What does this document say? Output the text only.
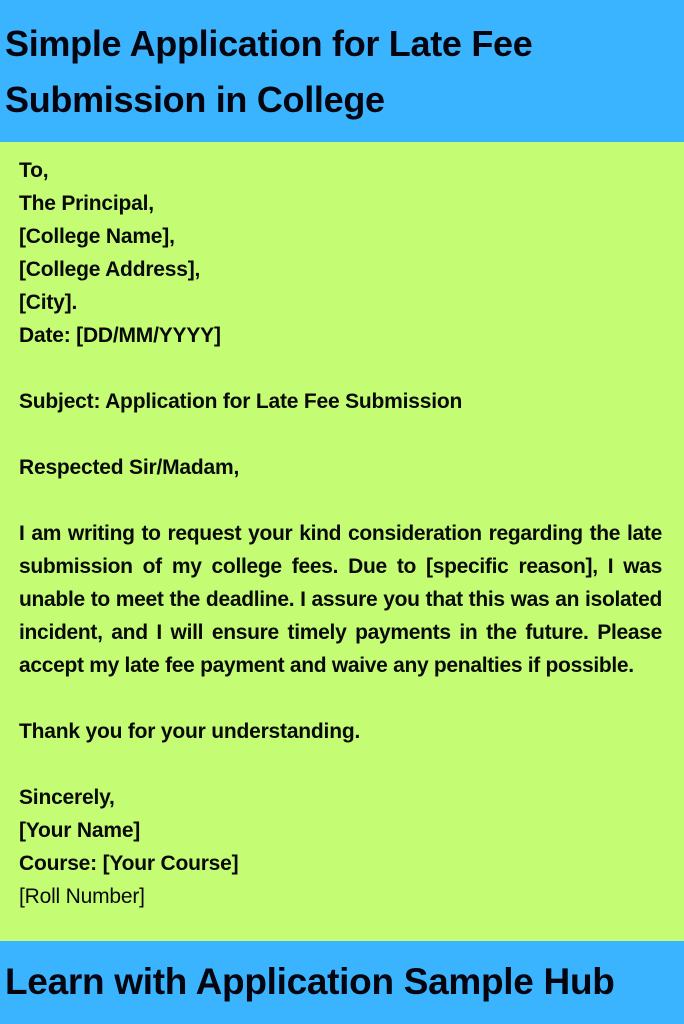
Simple Application for Late Fee
Submission in College
To,
The Principal,
[College Name],
[College Address],
[City].
Date: [DD/MM/YYYY]
Subject: Application for Late Fee Submission
Respected Sir/Madam,

I am writing to request your kind consideration regarding the late submission of my college fees. Due to [specific reason], I was unable to meet the deadline. I assure you that this was an isolated incident, and I will ensure timely payments in the future. Please accept my late fee payment and waive any penalties if possible.

Thank you for your understanding.
Sincerely,
[Your Name]
Course: [Your Course]
[Roll Number]

Learn with Application Sample Hub
